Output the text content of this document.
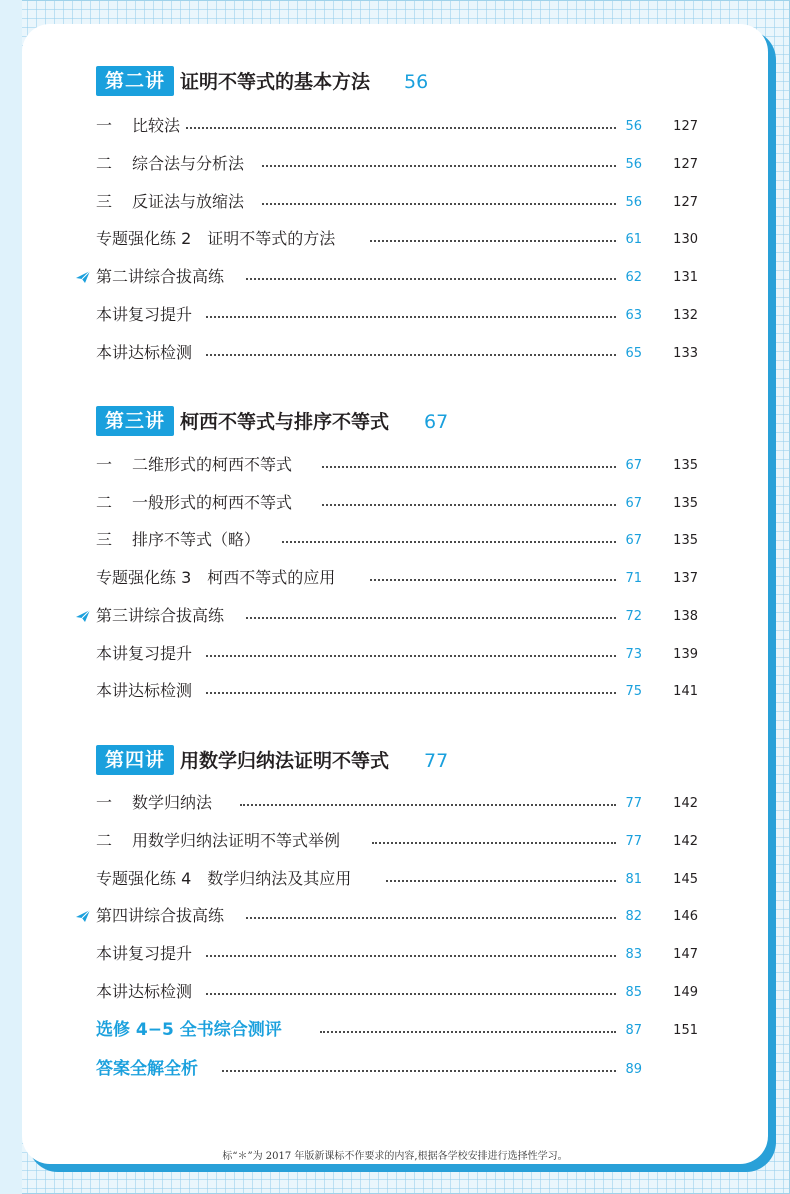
第二讲 证明不等式的基本方法 56
一 比较法	56 127
二 综合法与分析法	56 127
三 反证法与放缩法	56 127
专题强化练 2　证明不等式的方法	61 130
第二讲综合拔高练	62 131
本讲复习提升	63 132
本讲达标检测	65 133
第三讲 柯西不等式与排序不等式 67
一 二维形式的柯西不等式	67 135
二 一般形式的柯西不等式	67 135
三 排序不等式（略）	67 135
专题强化练 3　柯西不等式的应用	71 137
第三讲综合拔高练	72 138
本讲复习提升	73 139
本讲达标检测	75 141
第四讲 用数学归纳法证明不等式 77
一 数学归纳法	77 142
二 用数学归纳法证明不等式举例	77 142
专题强化练 4　数学归纳法及其应用	81 145
第四讲综合拔高练	82 146
本讲复习提升	83 147
本讲达标检测	85 149
选修 4−5 全书综合测评	87 151
答案全解全析	89
标“＊”为 2017 年版新课标不作要求的内容,根据各学校安排进行选择性学习。
